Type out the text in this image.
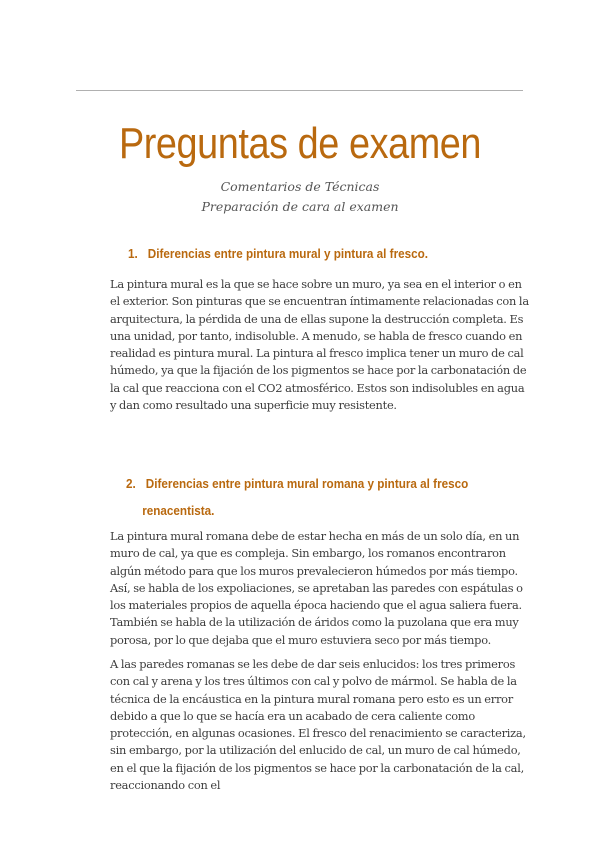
Preguntas de examen
Comentarios de Técnicas
Preparación de cara al examen
1. Diferencias entre pintura mural y pintura al fresco.
La pintura mural es la que se hace sobre un muro, ya sea en el interior o en el exterior. Son pinturas que se encuentran íntimamente relacionadas con la arquitectura, la pérdida de una de ellas supone la destrucción completa. Es una unidad, por tanto, indisoluble. A menudo, se habla de fresco cuando en realidad es pintura mural. La pintura al fresco implica tener un muro de cal húmedo, ya que la fijación de los pigmentos se hace por la carbonatación de la cal que reacciona con el CO2 atmosférico. Estos son indisolubles en agua y dan como resultado una superficie muy resistente.
2. Diferencias entre pintura mural romana y pintura al fresco
renacentista.
La pintura mural romana debe de estar hecha en más de un solo día, en un muro de cal, ya que es compleja. Sin embargo, los romanos encontraron algún método para que los muros prevalecieron húmedos por más tiempo. Así, se habla de los expoliaciones, se apretaban las paredes con espátulas o los materiales propios de aquella época haciendo que el agua saliera fuera. También se habla de la utilización de áridos como la puzolana que era muy porosa, por lo que dejaba que el muro estuviera seco por más tiempo.
A las paredes romanas se les debe de dar seis enlucidos: los tres primeros con cal y arena y los tres últimos con cal y polvo de mármol. Se habla de la técnica de la encáustica en la pintura mural romana pero esto es un error debido a que lo que se hacía era un acabado de cera caliente como protección, en algunas ocasiones. El fresco del renacimiento se caracteriza, sin embargo, por la utilización del enlucido de cal, un muro de cal húmedo, en el que la fijación de los pigmentos se hace por la carbonatación de la cal, reaccionando con el
